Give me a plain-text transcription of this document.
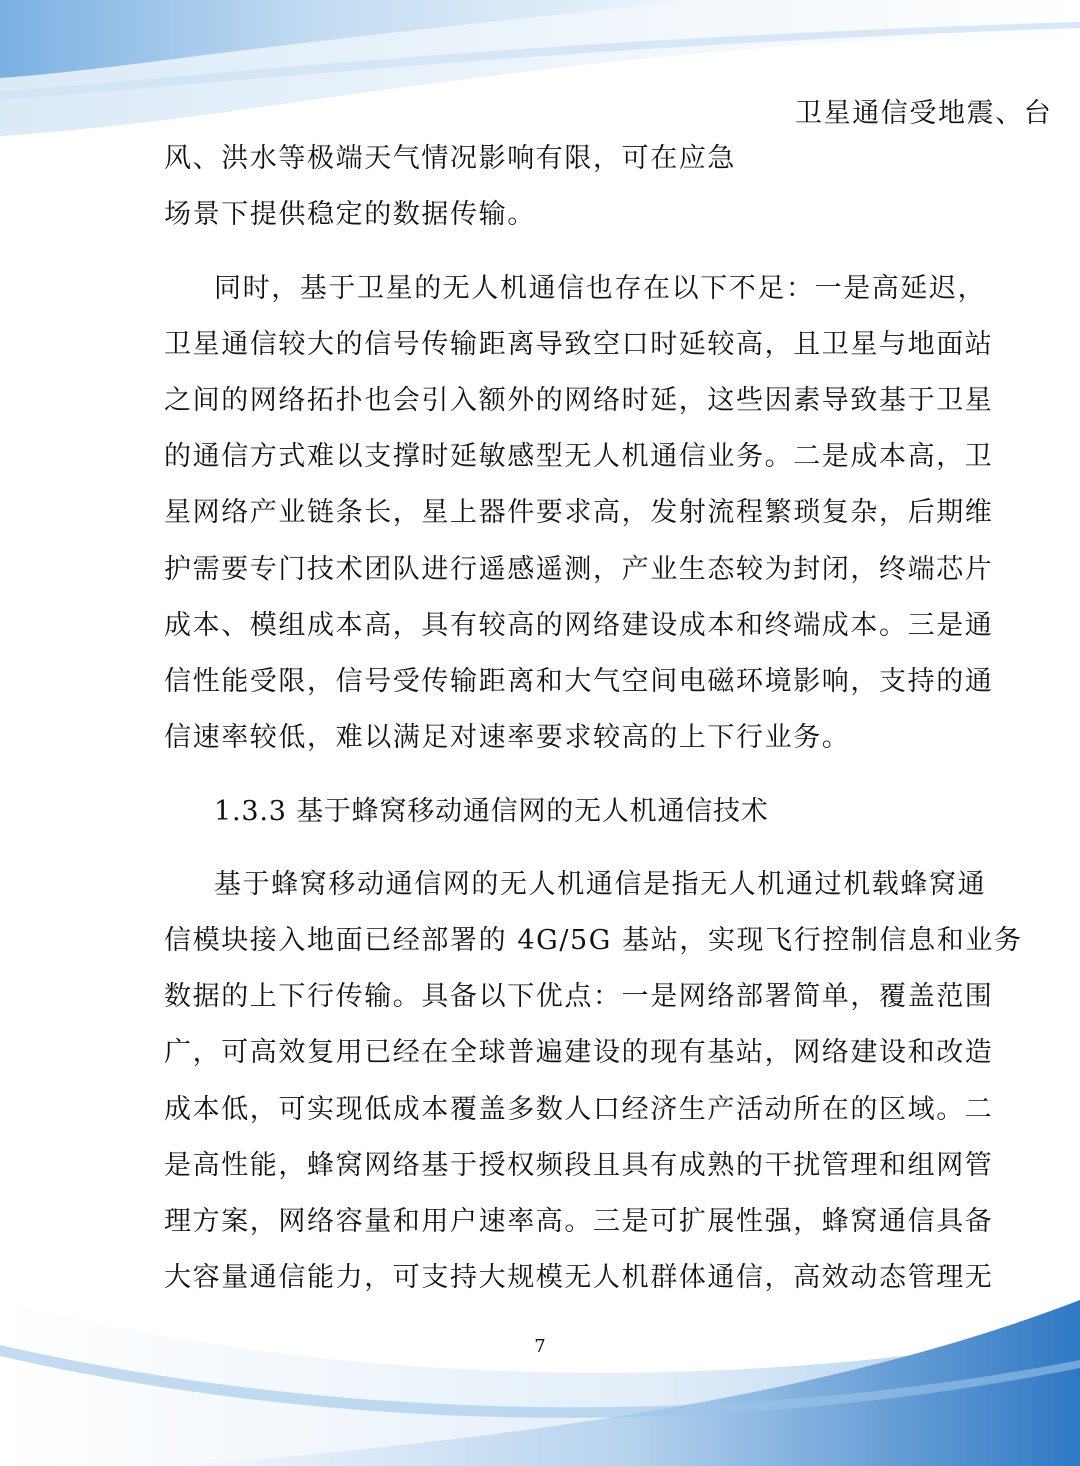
卫星通信受地震、台
风、洪水等极端天气情况影响有限，可在应急
场景下提供稳定的数据传输。
同时，基于卫星的无人机通信也存在以下不足：一是高延迟，
卫星通信较大的信号传输距离导致空口时延较高，且卫星与地面站
之间的网络拓扑也会引入额外的网络时延，这些因素导致基于卫星
的通信方式难以支撑时延敏感型无人机通信业务。二是成本高，卫
星网络产业链条长，星上器件要求高，发射流程繁琐复杂，后期维
护需要专门技术团队进行遥感遥测，产业生态较为封闭，终端芯片
成本、模组成本高，具有较高的网络建设成本和终端成本。三是通
信性能受限，信号受传输距离和大气空间电磁环境影响，支持的通
信速率较低，难以满足对速率要求较高的上下行业务。
1.3.3 基于蜂窝移动通信网的无人机通信技术
基于蜂窝移动通信网的无人机通信是指无人机通过机载蜂窝通
信模块接入地面已经部署的 4G/5G 基站，实现飞行控制信息和业务
数据的上下行传输。具备以下优点：一是网络部署简单，覆盖范围
广，可高效复用已经在全球普遍建设的现有基站，网络建设和改造
成本低，可实现低成本覆盖多数人口经济生产活动所在的区域。二
是高性能，蜂窝网络基于授权频段且具有成熟的干扰管理和组网管
理方案，网络容量和用户速率高。三是可扩展性强，蜂窝通信具备
大容量通信能力，可支持大规模无人机群体通信，高效动态管理无
7
